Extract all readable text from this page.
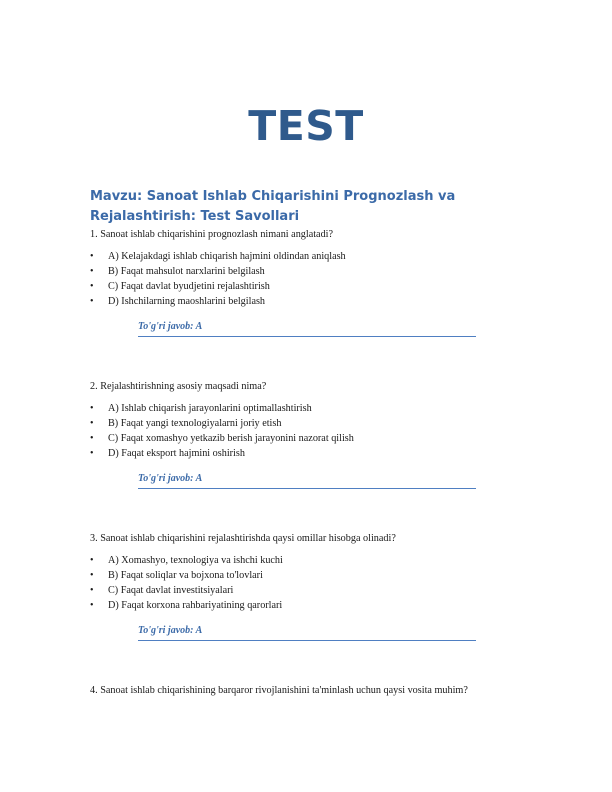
TEST
Mavzu: Sanoat Ishlab Chiqarishini Prognozlash va Rejalashtirish: Test Savollari

1. Sanoat ishlab chiqarishini prognozlash nimani anglatadi?

• A) Kelajakdagi ishlab chiqarish hajmini oldindan aniqlash
• B) Faqat mahsulot narxlarini belgilash
• C) Faqat davlat byudjetini rejalashtirish
• D) Ishchilarning maoshlarini belgilash
To'g'ri javob: A

2. Rejalashtirishning asosiy maqsadi nima?

• A) Ishlab chiqarish jarayonlarini optimallashtirish
• B) Faqat yangi texnologiyalarni joriy etish
• C) Faqat xomashyo yetkazib berish jarayonini nazorat qilish
• D) Faqat eksport hajmini oshirish
To'g'ri javob: A

3. Sanoat ishlab chiqarishini rejalashtirishda qaysi omillar hisobga olinadi?

• A) Xomashyo, texnologiya va ishchi kuchi
• B) Faqat soliqlar va bojxona to'lovlari
• C) Faqat davlat investitsiyalari
• D) Faqat korxona rahbariyatining qarorlari
To'g'ri javob: A

4. Sanoat ishlab chiqarishining barqaror rivojlanishini ta'minlash uchun qaysi vosita muhim?
